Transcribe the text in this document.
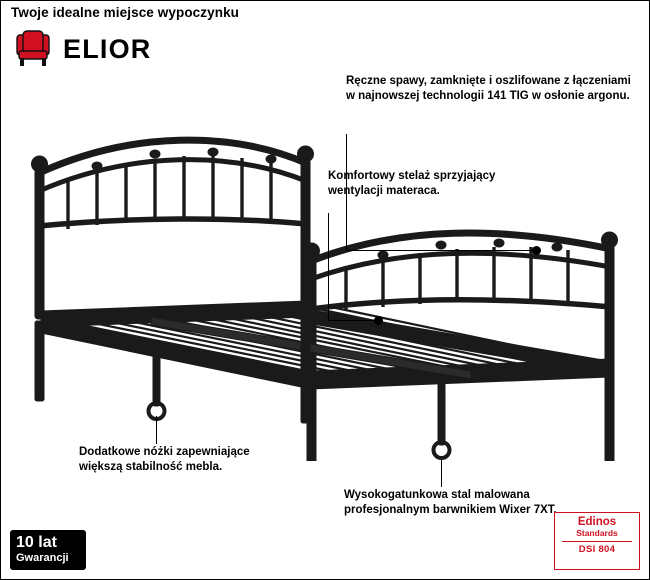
Twoje idealne miejsce wypoczynku
ELIOR
Ręczne spawy, zamknięte i oszlifowane z łączeniami w najnowszej technologii 141 TIG w osłonie argonu.
Komfortowy stelaż sprzyjający wentylacji materaca.
Dodatkowe nóżki zapewniające większą stabilność mebla.
Wysokogatunkowa stal malowana profesjonalnym barwnikiem Wixer 7XT.
10 lat
Gwarancji
Edinos
Standards
DSI 804
